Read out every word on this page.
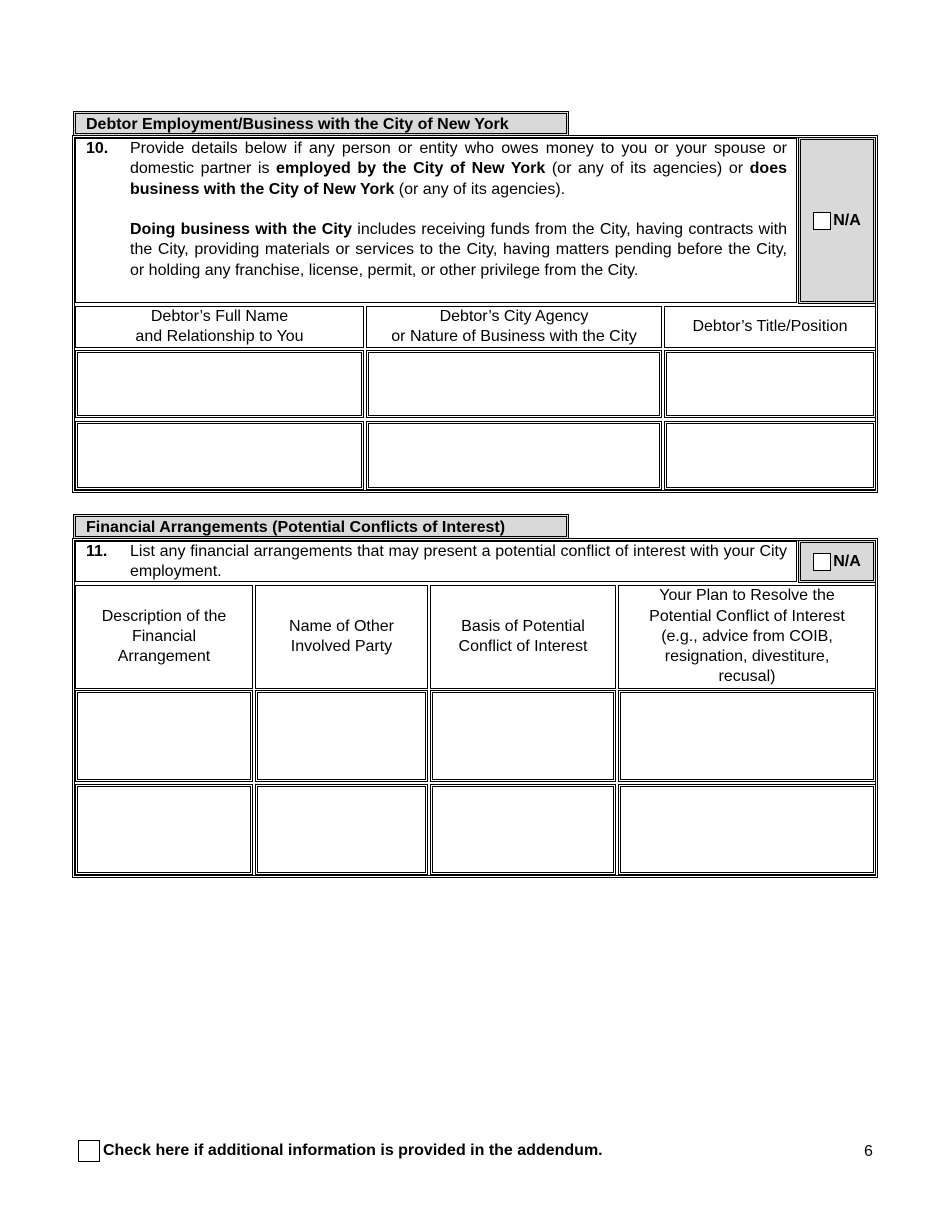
Debtor Employment/Business with the City of New York
10. Provide details below if any person or entity who owes money to you or your spouse or domestic partner is employed by the City of New York (or any of its agencies) or does business with the City of New York (or any of its agencies).

Doing business with the City includes receiving funds from the City, having contracts with the City, providing materials or services to the City, having matters pending before the City, or holding any franchise, license, permit, or other privilege from the City.

N/A
Debtor’s Full Name
and Relationship to You
Debtor’s City Agency
or Nature of Business with the City
Debtor’s Title/Position
Financial Arrangements (Potential Conflicts of Interest)
11. List any financial arrangements that may present a potential conflict of interest with your City employment.

N/A
Description of the
Financial
Arrangement
Name of Other
Involved Party
Basis of Potential
Conflict of Interest
Your Plan to Resolve the
Potential Conflict of Interest
(e.g., advice from COIB,
resignation, divestiture,
recusal)
Check here if additional information is provided in the addendum.	6
